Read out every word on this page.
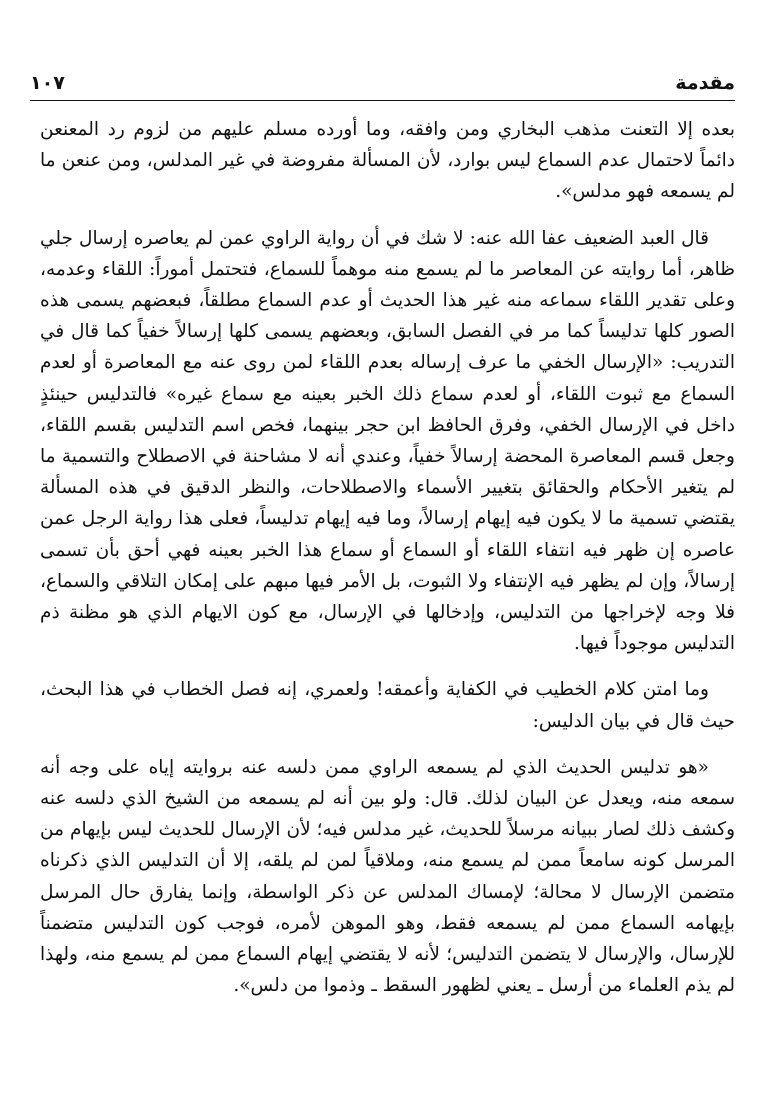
مقدمة
١٠٧

بعده إلا التعنت مذهب البخاري ومن وافقه، وما أورده مسلم عليهم من لزوم رد المعنعن دائماً لاحتمال عدم السماع ليس بوارد، لأن المسألة مفروضة في غير المدلس، ومن عنعن ما لم يسمعه فهو مدلس».

قال العبد الضعيف عفا الله عنه: لا شك في أن رواية الراوي عمن لم يعاصره إرسال جلي ظاهر، أما روايته عن المعاصر ما لم يسمع منه موهماً للسماع، فتحتمل أموراً: اللقاء وعدمه، وعلى تقدير اللقاء سماعه منه غير هذا الحديث أو عدم السماع مطلقاً، فبعضهم يسمى هذه الصور كلها تدليساً كما مر في الفصل السابق، وبعضهم يسمى كلها إرسالاً خفياً كما قال في التدريب: «الإرسال الخفي ما عرف إرساله بعدم اللقاء لمن روى عنه مع المعاصرة أو لعدم السماع مع ثبوت اللقاء، أو لعدم سماع ذلك الخبر بعينه مع سماع غيره» فالتدليس حينئذٍ داخل في الإرسال الخفي، وفرق الحافظ ابن حجر بينهما، فخص اسم التدليس بقسم اللقاء، وجعل قسم المعاصرة المحضة إرسالاً خفياً، وعندي أنه لا مشاحنة في الاصطلاح والتسمية ما لم يتغير الأحكام والحقائق بتغيير الأسماء والاصطلاحات، والنظر الدقيق في هذه المسألة يقتضي تسمية ما لا يكون فيه إيهام إرسالاً، وما فيه إيهام تدليساً، فعلى هذا رواية الرجل عمن عاصره إن ظهر فيه انتفاء اللقاء أو السماع أو سماع هذا الخبر بعينه فهي أحق بأن تسمى إرسالاً، وإن لم يظهر فيه الإنتفاء ولا الثبوت، بل الأمر فيها مبهم على إمكان التلاقي والسماع، فلا وجه لإخراجها من التدليس، وإدخالها في الإرسال، مع كون الايهام الذي هو مظنة ذم التدليس موجوداً فيها.

وما امتن كلام الخطيب في الكفاية وأعمقه! ولعمري، إنه فصل الخطاب في هذا البحث، حيث قال في بيان الدليس:

«هو تدليس الحديث الذي لم يسمعه الراوي ممن دلسه عنه بروايته إياه على وجه أنه سمعه منه، ويعدل عن البيان لذلك. قال: ولو بين أنه لم يسمعه من الشيخ الذي دلسه عنه وكشف ذلك لصار ببيانه مرسلاً للحديث، غير مدلس فيه؛ لأن الإرسال للحديث ليس بإيهام من المرسل كونه سامعاً ممن لم يسمع منه، وملاقياً لمن لم يلقه، إلا أن التدليس الذي ذكرناه متضمن الإرسال لا محالة؛ لإمساك المدلس عن ذكر الواسطة، وإنما يفارق حال المرسل بإيهامه السماع ممن لم يسمعه فقط، وهو الموهن لأمره، فوجب كون التدليس متضمناً للإرسال، والإرسال لا يتضمن التدليس؛ لأنه لا يقتضي إيهام السماع ممن لم يسمع منه، ولهذا لم يذم العلماء من أرسل ـ يعني لظهور السقط ـ وذموا من دلس».
